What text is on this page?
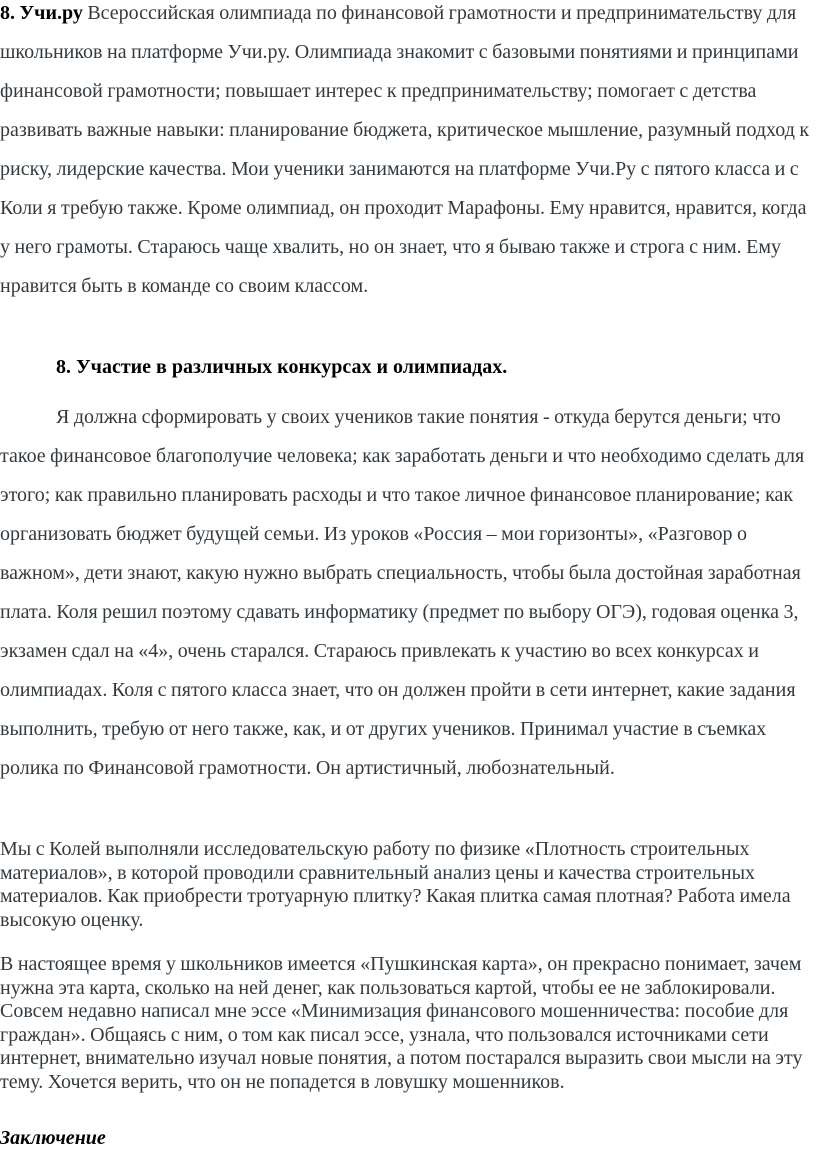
8. Учи.ру Всероссийская олимпиада по финансовой грамотности и предпринимательству для школьников на платформе Учи.ру. Олимпиада знакомит с базовыми понятиями и принципами финансовой грамотности; повышает интерес к предпринимательству; помогает с детства развивать важные навыки: планирование бюджета, критическое мышление, разумный подход к риску, лидерские качества. Мои ученики занимаются на платформе Учи.Ру с пятого класса и с Коли я требую также. Кроме олимпиад, он проходит Марафоны. Ему нравится, нравится, когда у него грамоты. Стараюсь чаще хвалить, но он знает, что я бываю также и строга с ним. Ему нравится быть в команде со своим классом.

8. Участие в различных конкурсах и олимпиадах.

Я должна сформировать у своих учеников такие понятия - откуда берутся деньги; что такое финансовое благополучие человека; как заработать деньги и что необходимо сделать для этого; как правильно планировать расходы и что такое личное финансовое планирование; как организовать бюджет будущей семьи. Из уроков «Россия – мои горизонты», «Разговор о важном», дети знают, какую нужно выбрать специальность, чтобы была достойная заработная плата. Коля решил поэтому сдавать информатику (предмет по выбору ОГЭ), годовая оценка 3, экзамен сдал на «4», очень старался. Стараюсь привлекать к участию во всех конкурсах и олимпиадах. Коля с пятого класса знает, что он должен пройти в сети интернет, какие задания выполнить, требую от него также, как, и от других учеников. Принимал участие в съемках ролика по Финансовой грамотности. Он артистичный, любознательный.

Мы с Колей выполняли исследовательскую работу по физике «Плотность строительных материалов», в которой проводили сравнительный анализ цены и качества строительных материалов. Как приобрести тротуарную плитку? Какая плитка самая плотная? Работа имела высокую оценку.

В настоящее время у школьников имеется «Пушкинская карта», он прекрасно понимает, зачем нужна эта карта, сколько на ней денег, как пользоваться картой, чтобы ее не заблокировали. Совсем недавно написал мне эссе «Минимизация финансового мошенничества: пособие для граждан». Общаясь с ним, о том как писал эссе, узнала, что пользовался источниками сети интернет, внимательно изучал новые понятия, а потом постарался выразить свои мысли на эту тему. Хочется верить, что он не попадется в ловушку мошенников.

Заключение
